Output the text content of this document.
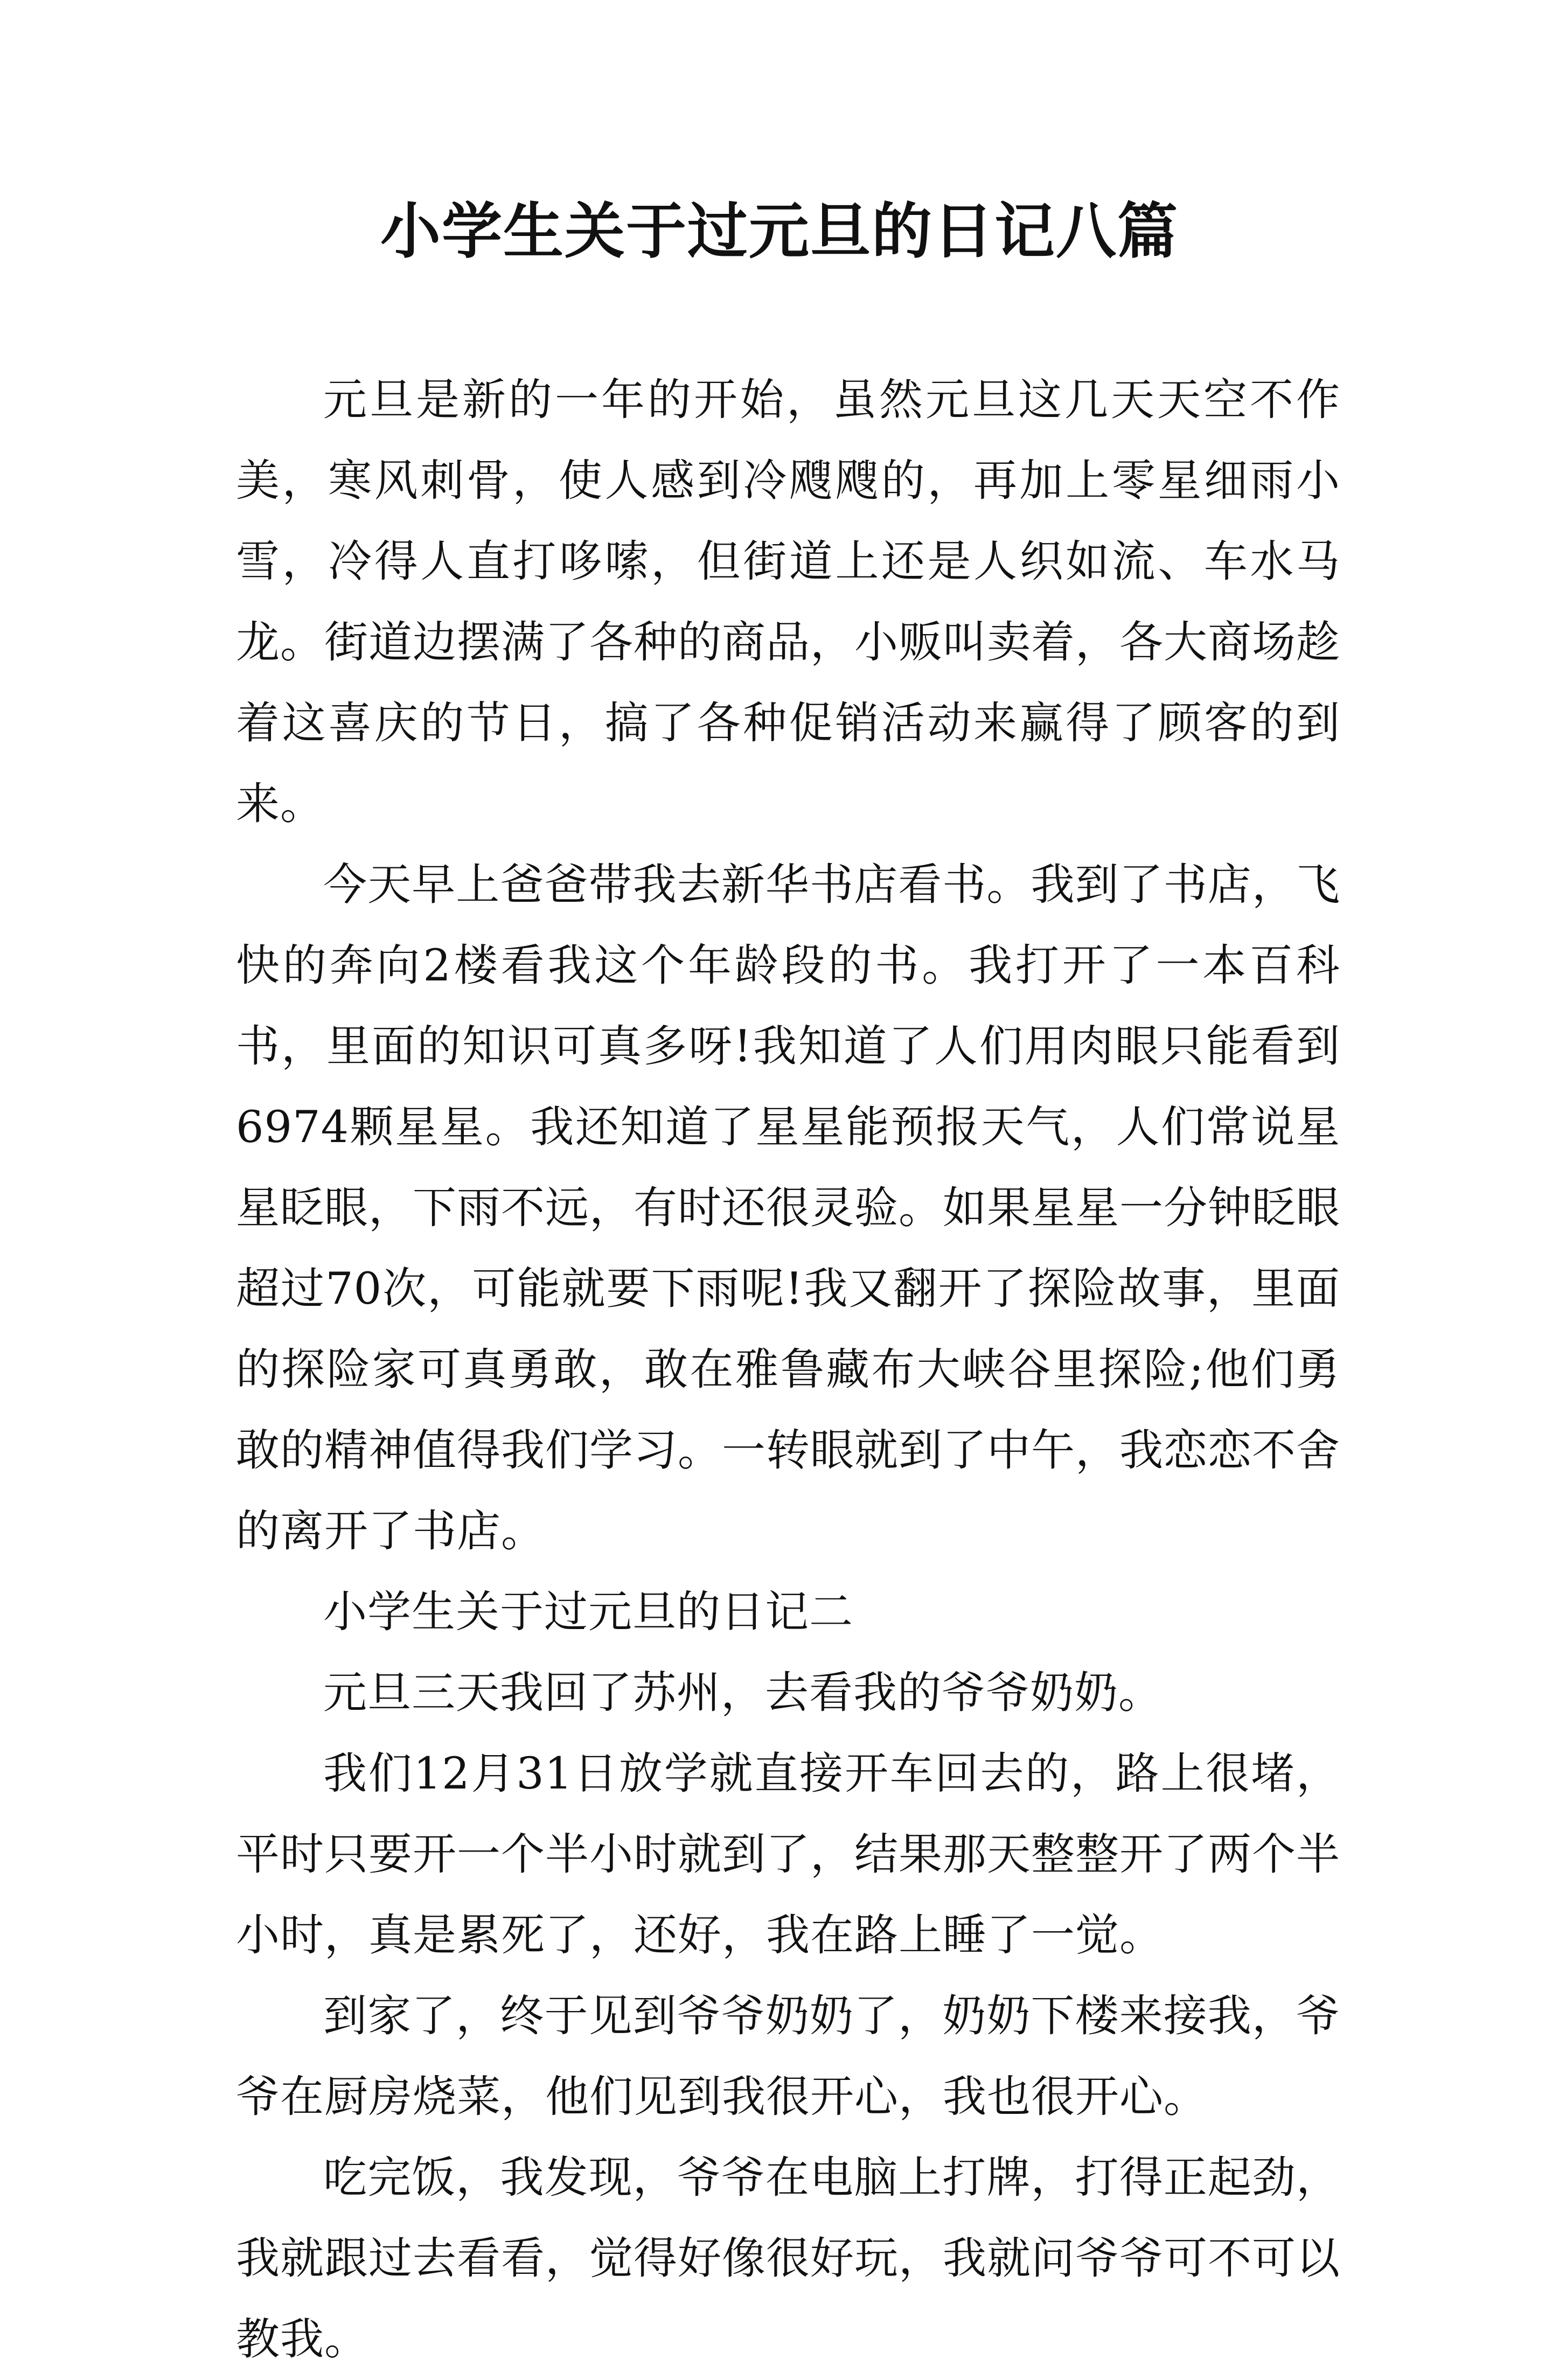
小学生关于过元旦的日记八篇

元旦是新的一年的开始，虽然元旦这几天天空不作美，寒风刺骨，使人感到冷飕飕的，再加上零星细雨小雪，冷得人直打哆嗦，但街道上还是人织如流、车水马龙。街道边摆满了各种的商品，小贩叫卖着，各大商场趁着这喜庆的节日，搞了各种促销活动来赢得了顾客的到来。

今天早上爸爸带我去新华书店看书。我到了书店，飞快的奔向2楼看我这个年龄段的书。我打开了一本百科书，里面的知识可真多呀!我知道了人们用肉眼只能看到6974颗星星。我还知道了星星能预报天气，人们常说星星眨眼，下雨不远，有时还很灵验。如果星星一分钟眨眼超过70次，可能就要下雨呢!我又翻开了探险故事，里面的探险家可真勇敢，敢在雅鲁藏布大峡谷里探险;他们勇敢的精神值得我们学习。一转眼就到了中午，我恋恋不舍的离开了书店。

小学生关于过元旦的日记二

元旦三天我回了苏州，去看我的爷爷奶奶。

我们12月31日放学就直接开车回去的，路上很堵，平时只要开一个半小时就到了，结果那天整整开了两个半小时，真是累死了，还好，我在路上睡了一觉。

到家了，终于见到爷爷奶奶了，奶奶下楼来接我，爷爷在厨房烧菜，他们见到我很开心，我也很开心。

吃完饭，我发现，爷爷在电脑上打牌，打得正起劲，我就跟过去看看，觉得好像很好玩，我就问爷爷可不可以教我。
